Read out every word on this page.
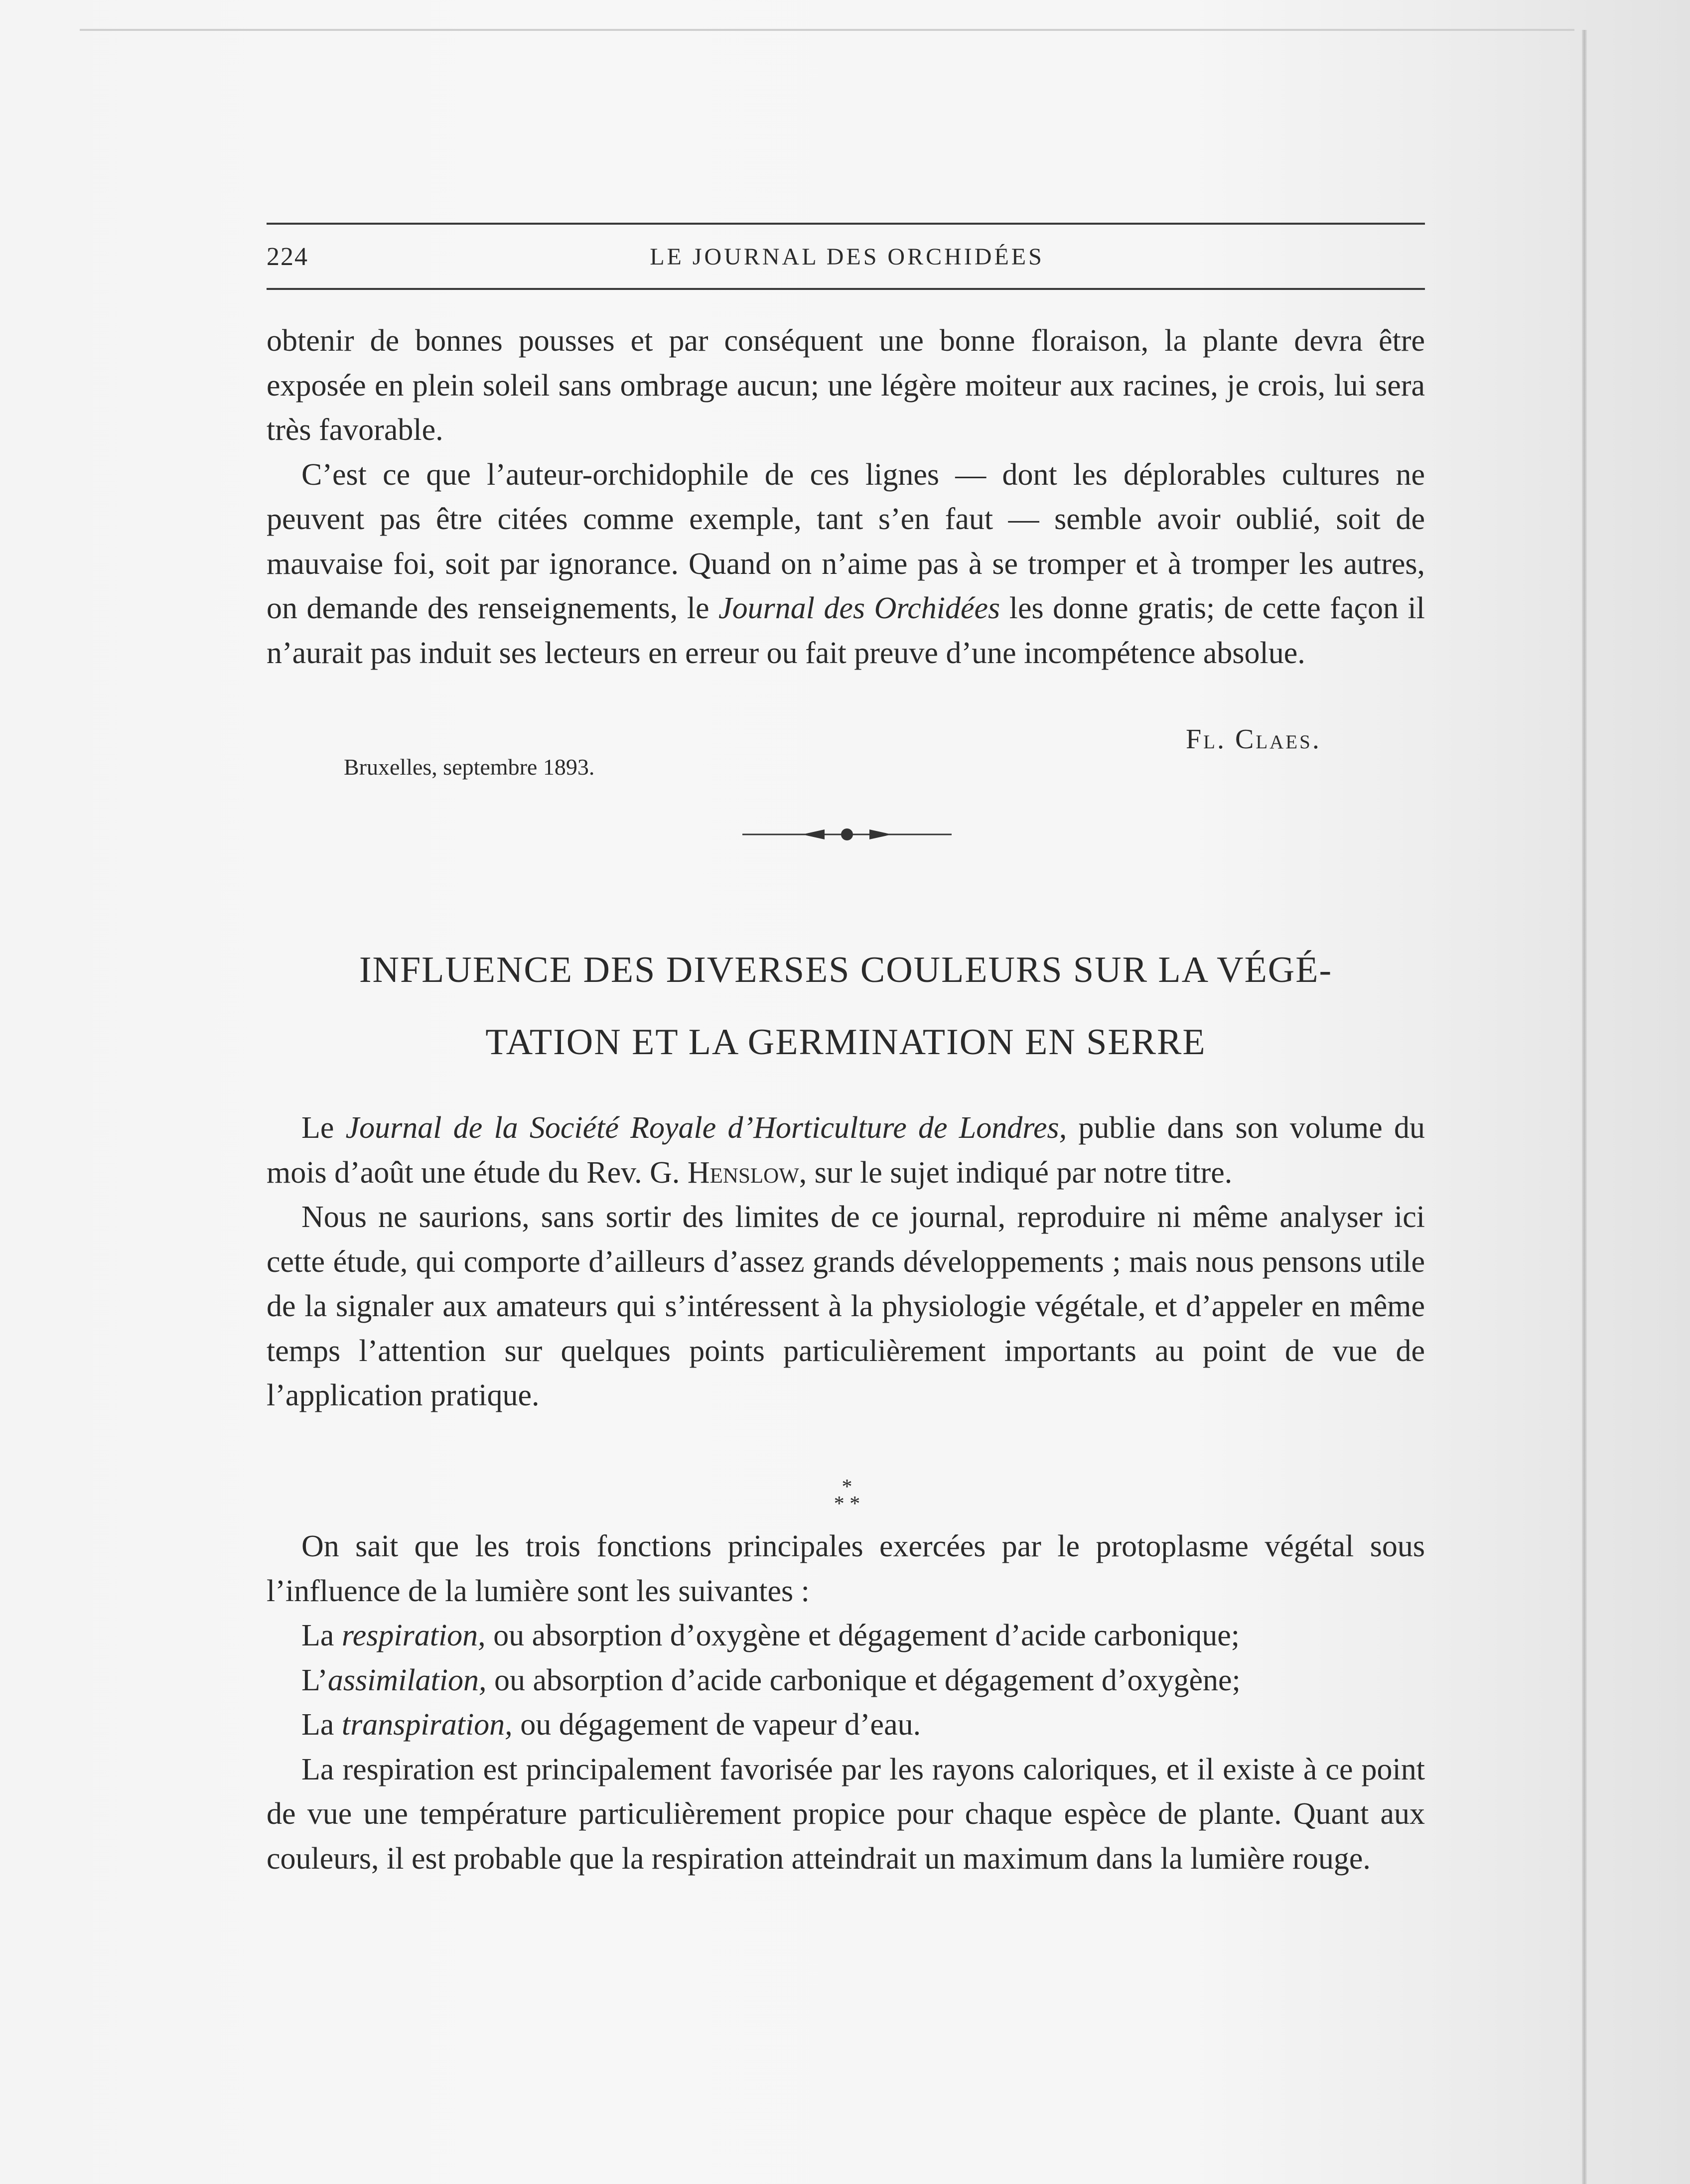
224	LE JOURNAL DES ORCHIDÉES

obtenir de bonnes pousses et par conséquent une bonne floraison, la plante devra être exposée en plein soleil sans ombrage aucun; une légère moiteur aux racines, je crois, lui sera très favorable.

C’est ce que l’auteur-orchidophile de ces lignes — dont les déplorables cultures ne peuvent pas être citées comme exemple, tant s’en faut — semble avoir oublié, soit de mauvaise foi, soit par ignorance. Quand on n’aime pas à se tromper et à tromper les autres, on demande des renseignements, le Journal des Orchidées les donne gratis; de cette façon il n’aurait pas induit ses lecteurs en erreur ou fait preuve d’une incompétence absolue.

Fl. Claes.
Bruxelles, septembre 1893.
INFLUENCE DES DIVERSES COULEURS SUR LA VÉGÉ-
TATION ET LA GERMINATION EN SERRE

Le Journal de la Société Royale d’Horticulture de Londres, publie dans son volume du mois d’août une étude du Rev. G. Henslow, sur le sujet indiqué par notre titre.

Nous ne saurions, sans sortir des limites de ce journal, reproduire ni même analyser ici cette étude, qui comporte d’ailleurs d’assez grands développements ; mais nous pensons utile de la signaler aux amateurs qui s’intéressent à la physiologie végétale, et d’appeler en même temps l’attention sur quelques points particulièrement importants au point de vue de l’application pratique.

*
* *

On sait que les trois fonctions principales exercées par le protoplasme végétal sous l’influence de la lumière sont les suivantes :

La respiration, ou absorption d’oxygène et dégagement d’acide carbonique;

L’assimilation, ou absorption d’acide carbonique et dégagement d’oxygène;

La transpiration, ou dégagement de vapeur d’eau.

La respiration est principalement favorisée par les rayons caloriques, et il existe à ce point de vue une température particulièrement propice pour chaque espèce de plante. Quant aux couleurs, il est probable que la respiration atteindrait un maximum dans la lumière rouge.
